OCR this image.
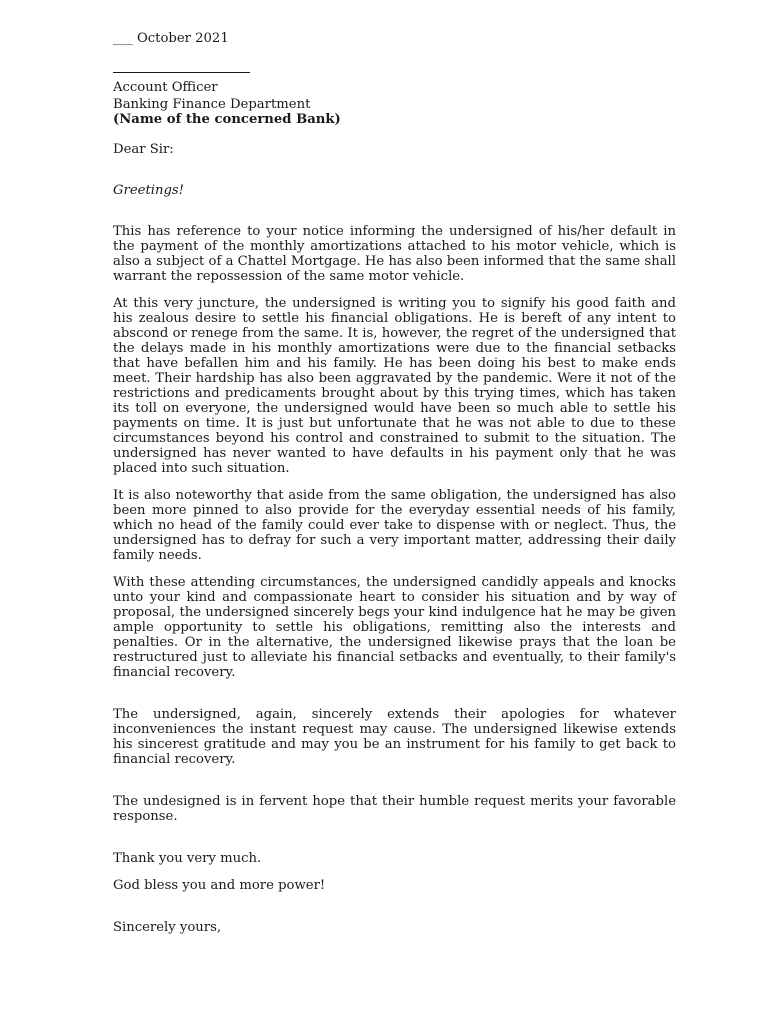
___ October 2021
Account Officer
Banking Finance Department
(Name of the concerned Bank)
Dear Sir:
Greetings!

This has reference to your notice informing the undersigned of his/her default in the payment of the monthly amortizations attached to his motor vehicle, which is also a subject of a Chattel Mortgage. He has also been informed that the same shall warrant the repossession of the same motor vehicle.

At this very juncture, the undersigned is writing you to signify his good faith and his zealous desire to settle his financial obligations. He is bereft of any intent to abscond or renege from the same. It is, however, the regret of the undersigned that the delays made in his monthly amortizations were due to the financial setbacks that have befallen him and his family. He has been doing his best to make ends meet. Their hardship has also been aggravated by the pandemic. Were it not of the restrictions and predicaments brought about by this trying times, which has taken its toll on everyone, the undersigned would have been so much able to settle his payments on time. It is just but unfortunate that he was not able to due to these circumstances beyond his control and constrained to submit to the situation. The undersigned has never wanted to have defaults in his payment only that he was placed into such situation.

It is also noteworthy that aside from the same obligation, the undersigned has also been more pinned to also provide for the everyday essential needs of his family, which no head of the family could ever take to dispense with or neglect. Thus, the undersigned has to defray for such a very important matter, addressing their daily family needs.

With these attending circumstances, the undersigned candidly appeals and knocks unto your kind and compassionate heart to consider his situation and by way of proposal, the undersigned sincerely begs your kind indulgence hat he may be given ample opportunity to settle his obligations, remitting also the interests and penalties. Or in the alternative, the undersigned likewise prays that the loan be restructured just to alleviate his financial setbacks and eventually, to their family's financial recovery.

The undersigned, again, sincerely extends their apologies for whatever inconveniences the instant request may cause. The undersigned likewise extends his sincerest gratitude and may you be an instrument for his family to get back to financial recovery.

The undesigned is in fervent hope that their humble request merits your favorable response.

Thank you very much.
God bless you and more power!
Sincerely yours,
